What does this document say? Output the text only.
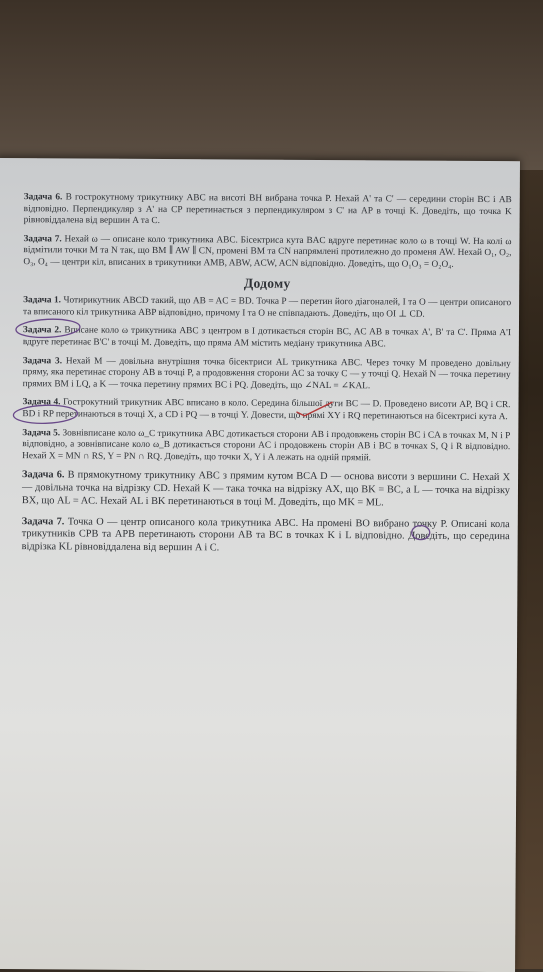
Задача 6. В гострокутному трикутнику ABC на висоті BH вибрана точка P. Нехай A' та C' — середини сторін BC і AB відповідно. Перпендикуляр з A' на CP перетинається з перпендикуляром з C' на AP в точці K. Доведіть, що точка K рівновіддалена від вершин A та C.
Задача 7. Нехай ω — описане коло трикутника ABC. Бісектриса кута BAC вдруге перетинає коло ω в точці W. На колі ω відмітили точки M та N так, що BM ∥ AW ∥ CN, промені BM та CN напрямлені протилежно до променя AW. Нехай O₁, O₂, O₃, O₄ — центри кіл, вписаних в трикутники AMB, ABW, ACW, ACN відповідно. Доведіть, що O₁O₃ = O₂O₄.
Додому
Задача 1. Чотирикутник ABCD такий, що AB = AC = BD. Точка P — перетин його діагоналей, I та O — центри описаного та вписаного кіл трикутника ABP відповідно, причому I та O не співпадають. Доведіть, що OI ⊥ CD.
Задача 2. Вписане коло ω трикутника ABC з центром в I дотикається сторін BC, AC AB в точках A', B' та C'. Пряма A'I вдруге перетинає B'C' в точці M. Доведіть, що пряма AM містить медіану трикутника ABC.
Задача 3. Нехай M — довільна внутрішня точка бісектриси AL трикутника ABC. Через точку M проведено довільну пряму, яка перетинає сторону AB в точці P, а продовження сторони AC за точку C — у точці Q. Нехай N — точка перетину прямих BM і LQ, а K — точка перетину прямих BC і PQ. Доведіть, що ∠NAL = ∠KAL.
Задача 4. Гострокутний трикутник ABC вписано в коло. Середина більшої дуги BC — D. Проведено висоти AP, BQ і CR. BD і RP перетинаються в точці X, а CD і PQ — в точці Y. Довести, що прямі XY і RQ перетинаються на бісектрисі кута A.
Задача 5. Зовнівписане коло ω_C трикутника ABC дотикається сторони AB і продовжень сторін BC і CA в точках M, N і P відповідно, а зовнівписане коло ω_B дотикається сторони AC і продовжень сторін AB і BC в точках S, Q і R відповідно. Нехай X = MN ∩ RS, Y = PN ∩ RQ. Доведіть, що точки X, Y і A лежать на одній прямій.
Задача 6. В прямокутному трикутнику ABC з прямим кутом BCA D — основа висоти з вершини C. Нехай X — довільна точка на відрізку CD. Нехай K — така точка на відрізку AX, що BK = BC, а L — точка на відрізку BX, що AL = AC. Нехай AL і BK перетинаються в тоці M. Доведіть, що MK = ML.
Задача 7. Точка O — центр описаного кола трикутника ABC. На промені BO вибрано точку P. Описані кола трикутників CPB та APB перетинають сторони AB та BC в точках K і L відповідно. Доведіть, що середина відрізка KL рівновіддалена від вершин A і C.
